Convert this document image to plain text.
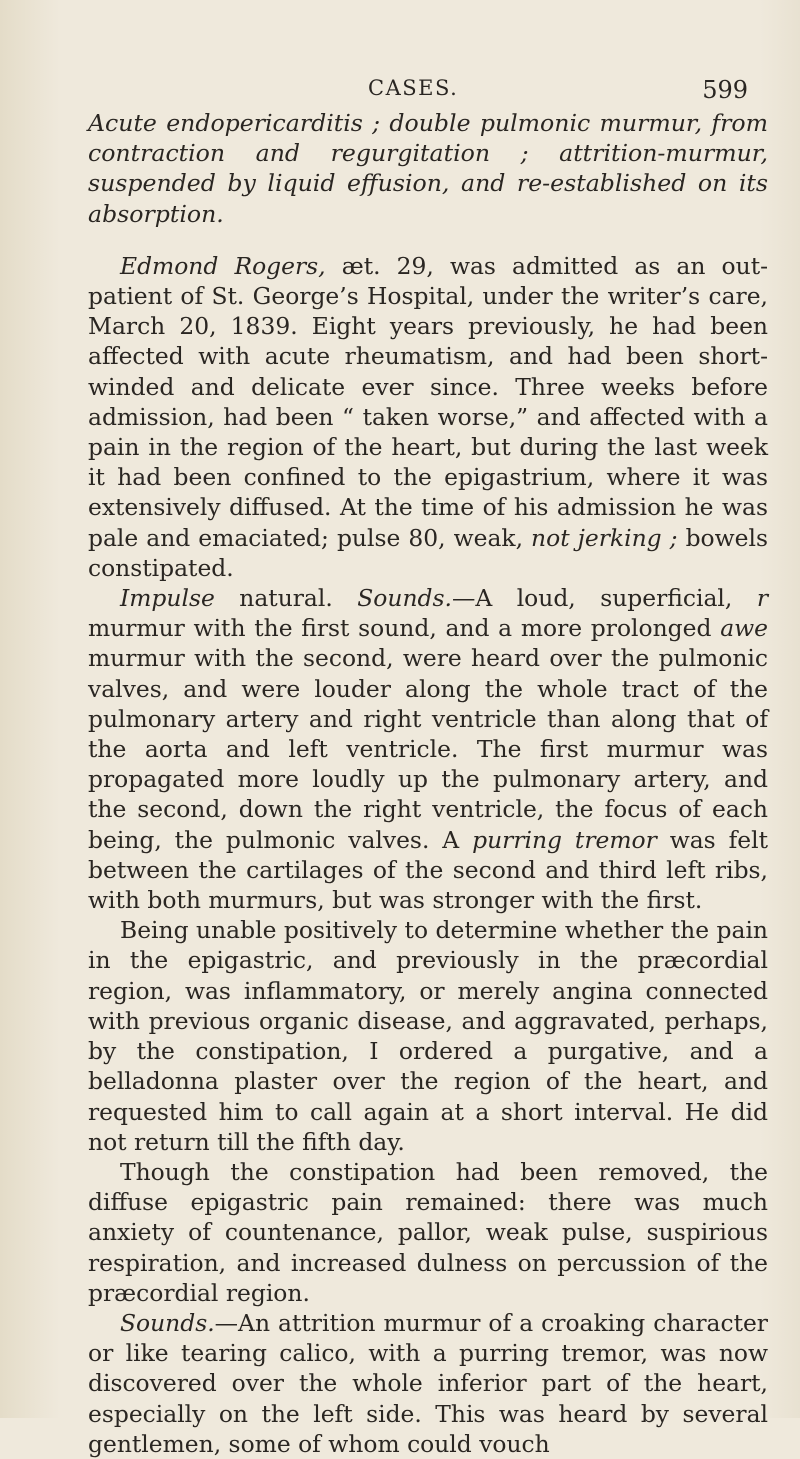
CASES.	599

Acute endopericarditis ; double pulmonic murmur, from contraction and regurgitation ; attrition-murmur, suspended by liquid effusion, and re-established on its absorption.

Edmond Rogers, æt. 29, was admitted as an out-patient of St. George’s Hospital, under the writer’s care, March 20, 1839. Eight years previously, he had been affected with acute rheumatism, and had been short-winded and delicate ever since. Three weeks before admission, had been “ taken worse,” and affected with a pain in the region of the heart, but during the last week it had been confined to the epigastrium, where it was extensively diffused. At the time of his admission he was pale and emaciated; pulse 80, weak, not jerking ; bowels constipated.

Impulse natural. Sounds.—A loud, superficial, r murmur with the first sound, and a more prolonged awe murmur with the second, were heard over the pulmonic valves, and were louder along the whole tract of the pulmonary artery and right ventricle than along that of the aorta and left ventricle. The first murmur was propagated more loudly up the pulmonary artery, and the second, down the right ventricle, the focus of each being, the pulmonic valves. A purring tremor was felt between the cartilages of the second and third left ribs, with both murmurs, but was stronger with the first.

Being unable positively to determine whether the pain in the epigastric, and previously in the præcordial region, was inflammatory, or merely angina connected with previous organic disease, and aggravated, perhaps, by the constipation, I ordered a purgative, and a belladonna plaster over the region of the heart, and requested him to call again at a short interval. He did not return till the fifth day.

Though the constipation had been removed, the diffuse epigastric pain remained: there was much anxiety of countenance, pallor, weak pulse, suspirious respiration, and increased dulness on percussion of the præcordial region.

Sounds.—An attrition murmur of a croaking character or like tearing calico, with a purring tremor, was now discovered over the whole inferior part of the heart, especially on the left side. This was heard by several gentlemen, some of whom could vouch
